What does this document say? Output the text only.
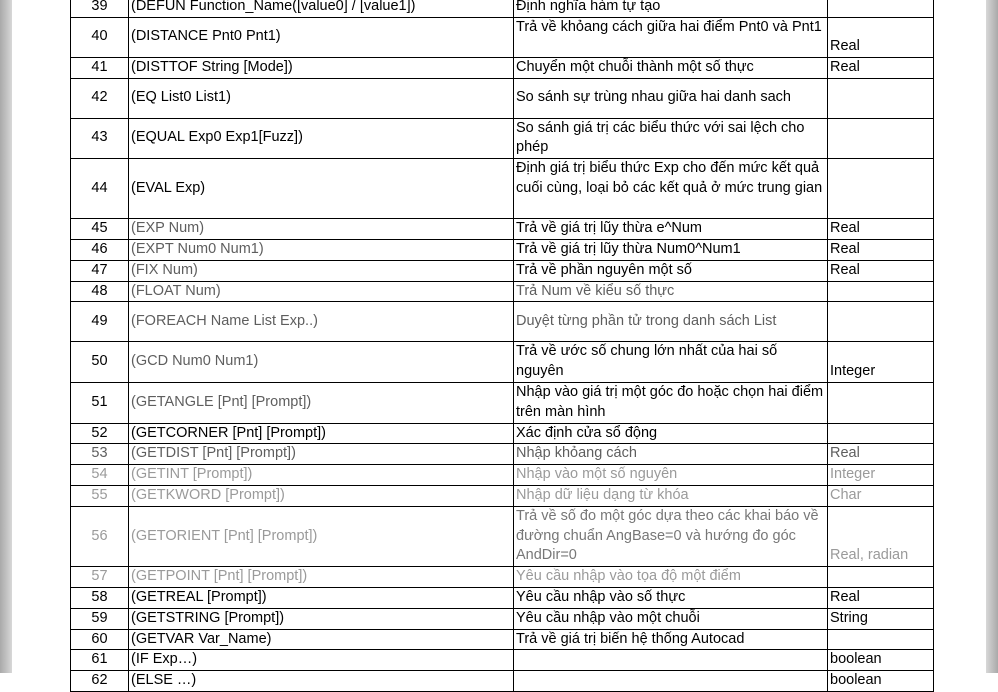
39	(DEFUN Function_Name([value0] / [value1])	Định nghĩa hàm tự tạo	
40	(DISTANCE Pnt0 Pnt1)	Trả về khỏang cách giữa hai điểm Pnt0 và Pnt1	Real
41	(DISTTOF String [Mode])	Chuyển một chuỗi thành một số thực	Real
42	(EQ List0 List1)	So sánh sự trùng nhau giữa hai danh sach	
43	(EQUAL Exp0 Exp1[Fuzz])	So sánh giá trị các biểu thức với sai lệch cho phép	
44	(EVAL Exp)	Định giá trị biểu thức Exp cho đến mức kết quả cuối cùng, loại bỏ các kết quả ở mức trung gian	
45	(EXP Num)	Trả về giá trị lũy thừa e^Num	Real
46	(EXPT Num0 Num1)	Trả về giá trị lũy thừa Num0^Num1	Real
47	(FIX Num)	Trả về phần nguyên một số	Real
48	(FLOAT Num)	Trả Num về kiểu số thực	
49	(FOREACH Name List Exp..)	Duyệt từng phần tử trong danh sách List	
50	(GCD Num0 Num1)	Trả về ước số chung lớn nhất của hai số nguyên	Integer
51	(GETANGLE [Pnt] [Prompt])	Nhập vào giá trị một góc đo hoặc chọn hai điểm trên màn hình	
52	(GETCORNER [Pnt] [Prompt])	Xác định cửa sổ động	
53	(GETDIST [Pnt] [Prompt])	Nhập khỏang cách	Real
54	(GETINT [Prompt])	Nhập vào một số nguyên	Integer
55	(GETKWORD [Prompt])	Nhập dữ liệu dạng từ khóa	Char
56	(GETORIENT [Pnt] [Prompt])	Trả về số đo một góc dựa theo các khai báo về đường chuẩn AngBase=0 và hướng đo góc AndDir=0	Real, radian
57	(GETPOINT [Pnt] [Prompt])	Yêu cầu nhập vào tọa độ một điểm	
58	(GETREAL [Prompt])	Yêu cầu nhập vào số thực	Real
59	(GETSTRING [Prompt])	Yêu cầu nhập vào một chuỗi	String
60	(GETVAR Var_Name)	Trả về giá trị biến hệ thống Autocad	
61	(IF Exp…)		boolean
62	(ELSE …)		boolean
